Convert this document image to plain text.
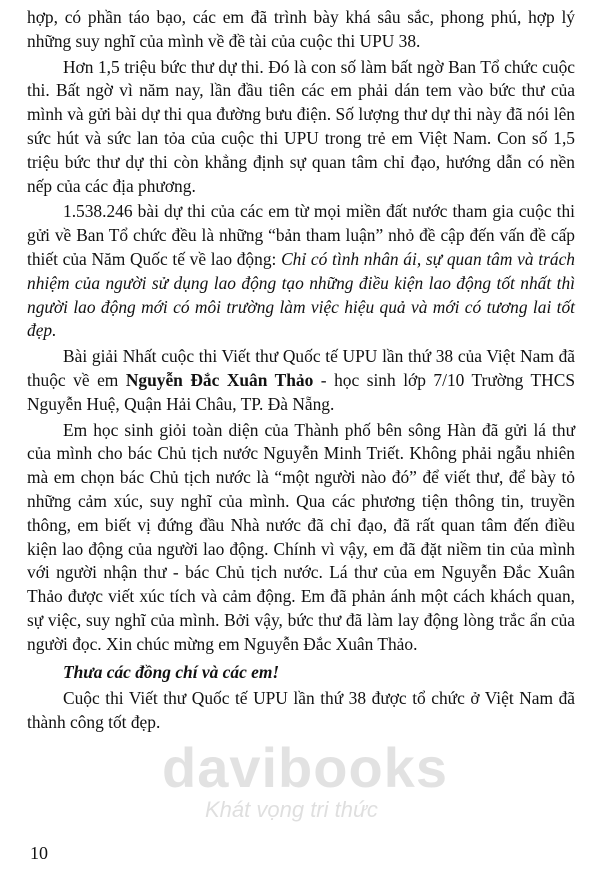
hợp, có phần táo bạo, các em đã trình bày khá sâu sắc, phong phú, hợp lý những suy nghĩ của mình về đề tài của cuộc thi UPU 38.

Hơn 1,5 triệu bức thư dự thi. Đó là con số làm bất ngờ Ban Tổ chức cuộc thi. Bất ngờ vì năm nay, lần đầu tiên các em phải dán tem vào bức thư của mình và gửi bài dự thi qua đường bưu điện. Số lượng thư dự thi này đã nói lên sức hút và sức lan tỏa của cuộc thi UPU trong trẻ em Việt Nam. Con số 1,5 triệu bức thư dự thi còn khẳng định sự quan tâm chỉ đạo, hướng dẫn có nền nếp của các địa phương.

1.538.246 bài dự thi của các em từ mọi miền đất nước tham gia cuộc thi gửi về Ban Tổ chức đều là những “bản tham luận” nhỏ đề cập đến vấn đề cấp thiết của Năm Quốc tế về lao động: Chỉ có tình nhân ái, sự quan tâm và trách nhiệm của người sử dụng lao động tạo những điều kiện lao động tốt nhất thì người lao động mới có môi trường làm việc hiệu quả và mới có tương lai tốt đẹp.

Bài giải Nhất cuộc thi Viết thư Quốc tế UPU lần thứ 38 của Việt Nam đã thuộc về em Nguyễn Đắc Xuân Thảo - học sinh lớp 7/10 Trường THCS Nguyễn Huệ, Quận Hải Châu, TP. Đà Nẵng.

Em học sinh giỏi toàn diện của Thành phố bên sông Hàn đã gửi lá thư của mình cho bác Chủ tịch nước Nguyễn Minh Triết. Không phải ngẫu nhiên mà em chọn bác Chủ tịch nước là “một người nào đó” để viết thư, để bày tỏ những cảm xúc, suy nghĩ của mình. Qua các phương tiện thông tin, truyền thông, em biết vị đứng đầu Nhà nước đã chỉ đạo, đã rất quan tâm đến điều kiện lao động của người lao động. Chính vì vậy, em đã đặt niềm tin của mình với người nhận thư - bác Chủ tịch nước. Lá thư của em Nguyễn Đắc Xuân Thảo được viết xúc tích và cảm động. Em đã phản ánh một cách khách quan, sự việc, suy nghĩ của mình. Bởi vậy, bức thư đã làm lay động lòng trắc ẩn của người đọc. Xin chúc mừng em Nguyễn Đắc Xuân Thảo.

Thưa các đồng chí và các em!

Cuộc thi Viết thư Quốc tế UPU lần thứ 38 được tổ chức ở Việt Nam đã thành công tốt đẹp.

davibooks
Khát vọng tri thức
10
